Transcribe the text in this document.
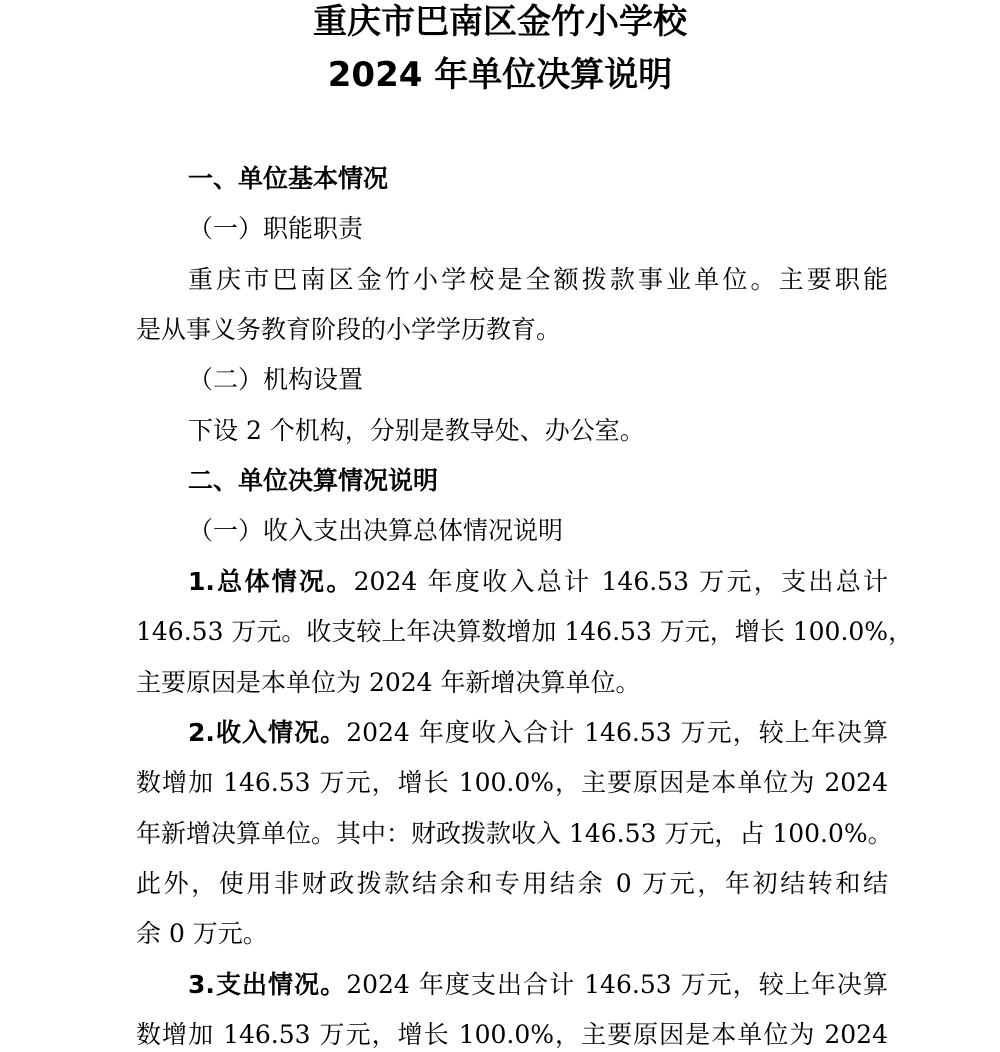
重庆市巴南区金竹小学校
2024 年单位决算说明
一、单位基本情况
（一）职能职责
重庆市巴南区金竹小学校是全额拨款事业单位。主要职能
是从事义务教育阶段的小学学历教育。
（二）机构设置
下设 2 个机构，分别是教导处、办公室。
二、单位决算情况说明
（一）收入支出决算总体情况说明
1.总体情况。2024 年度收入总计 146.53 万元，支出总计
146.53 万元。收支较上年决算数增加 146.53 万元，增长 100.0%，
主要原因是本单位为 2024 年新增决算单位。
2.收入情况。2024 年度收入合计 146.53 万元，较上年决算
数增加 146.53 万元，增长 100.0%，主要原因是本单位为 2024
年新增决算单位。其中：财政拨款收入 146.53 万元，占 100.0%。
此外，使用非财政拨款结余和专用结余 0 万元，年初结转和结
余 0 万元。
3.支出情况。2024 年度支出合计 146.53 万元，较上年决算
数增加 146.53 万元，增长 100.0%，主要原因是本单位为 2024
